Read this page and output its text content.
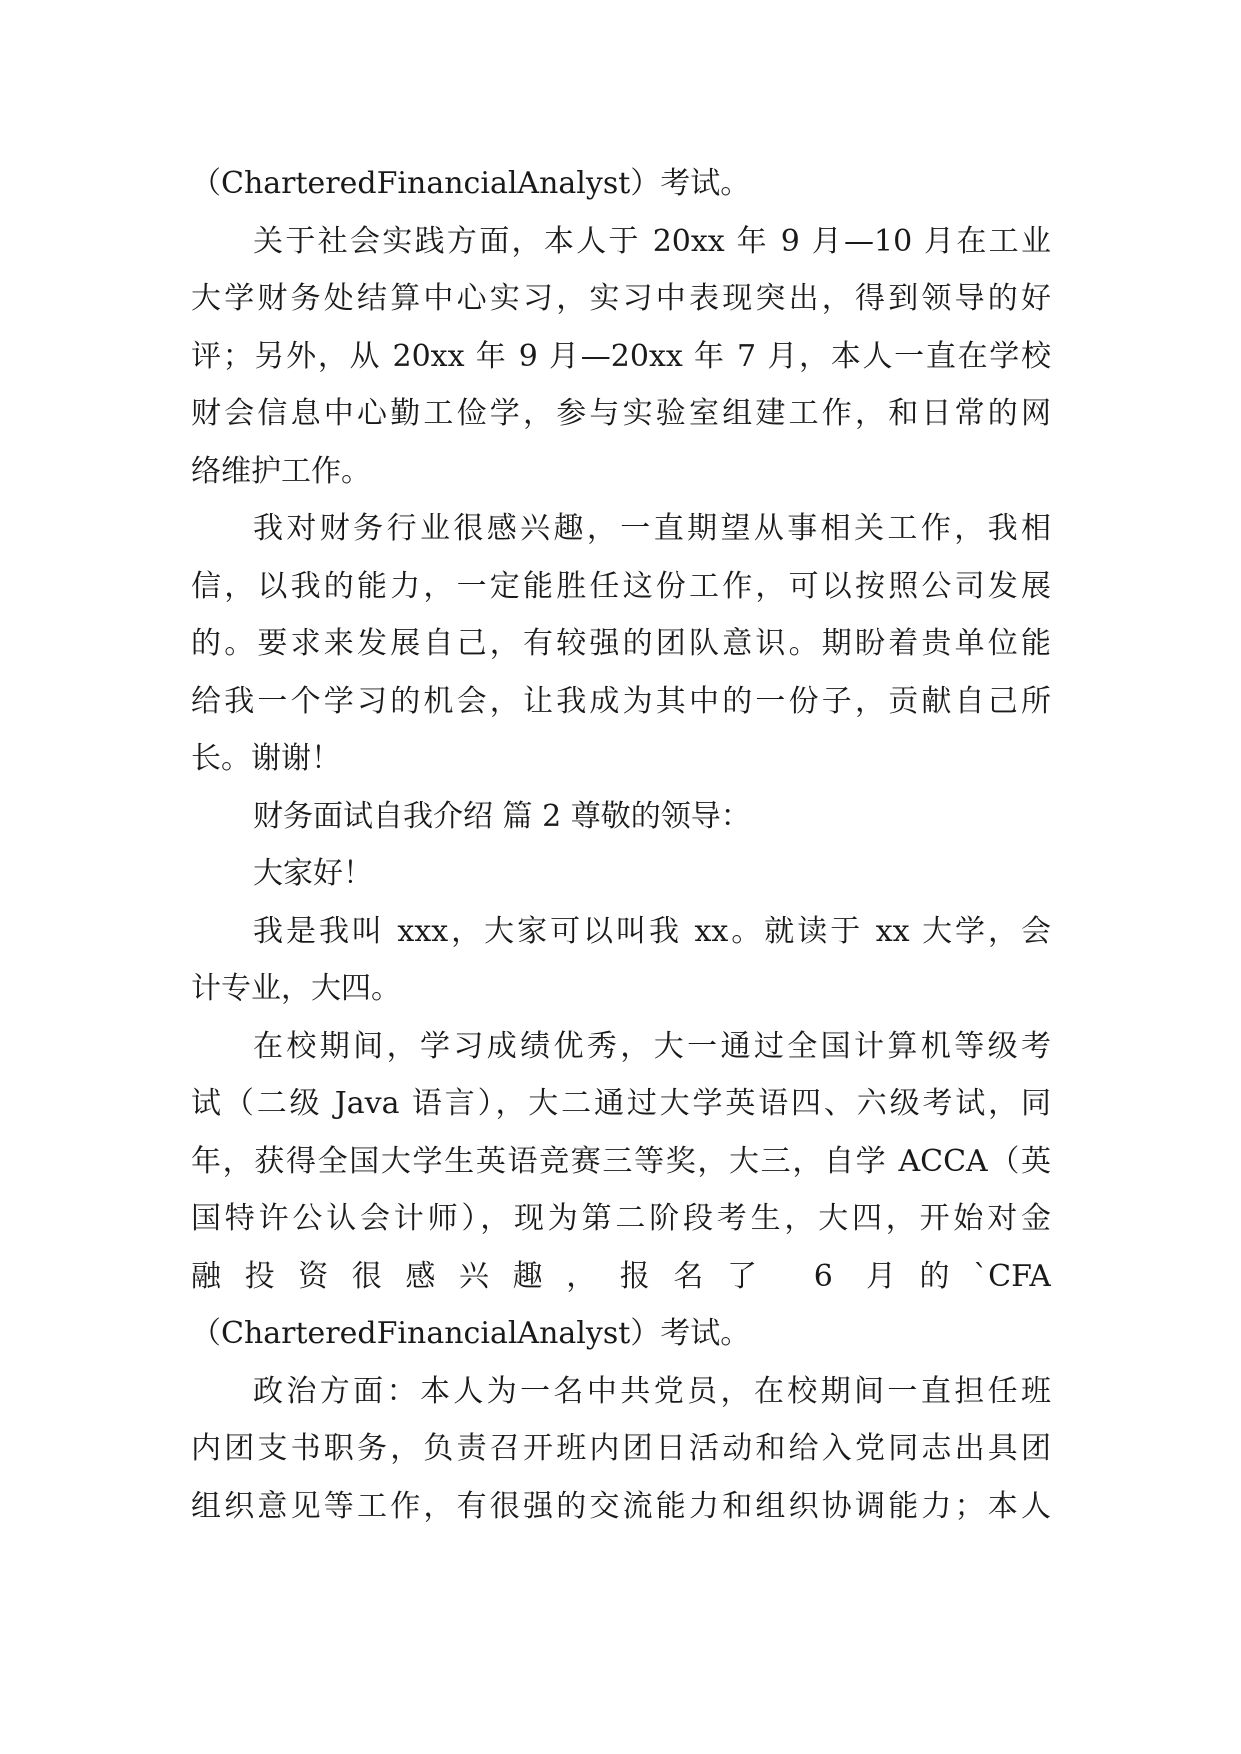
（CharteredFinancialAnalyst）考试。
关于社会实践方面，本人于 20xx 年 9 月—10 月在工业
大学财务处结算中心实习，实习中表现突出，得到领导的好
评；另外，从 20xx 年 9 月—20xx 年 7 月，本人一直在学校
财会信息中心勤工俭学，参与实验室组建工作，和日常的网
络维护工作。
我对财务行业很感兴趣，一直期望从事相关工作，我相
信，以我的能力，一定能胜任这份工作，可以按照公司发展
的。要求来发展自己，有较强的团队意识。期盼着贵单位能
给我一个学习的机会，让我成为其中的一份子，贡献自己所
长。谢谢！
财务面试自我介绍 篇 2 尊敬的领导：
大家好！
我是我叫 xxx，大家可以叫我 xx。就读于 xx 大学，会
计专业，大四。
在校期间，学习成绩优秀，大一通过全国计算机等级考
试（二级 Java 语言），大二通过大学英语四、六级考试，同
年，获得全国大学生英语竞赛三等奖，大三，自学 ACCA（英
国特许公认会计师），现为第二阶段考生，大四，开始对金
融投资很感兴趣，报名了 6 月的`CFA
（CharteredFinancialAnalyst）考试。
政治方面：本人为一名中共党员，在校期间一直担任班
内团支书职务，负责召开班内团日活动和给入党同志出具团
组织意见等工作，有很强的交流能力和组织协调能力；本人
